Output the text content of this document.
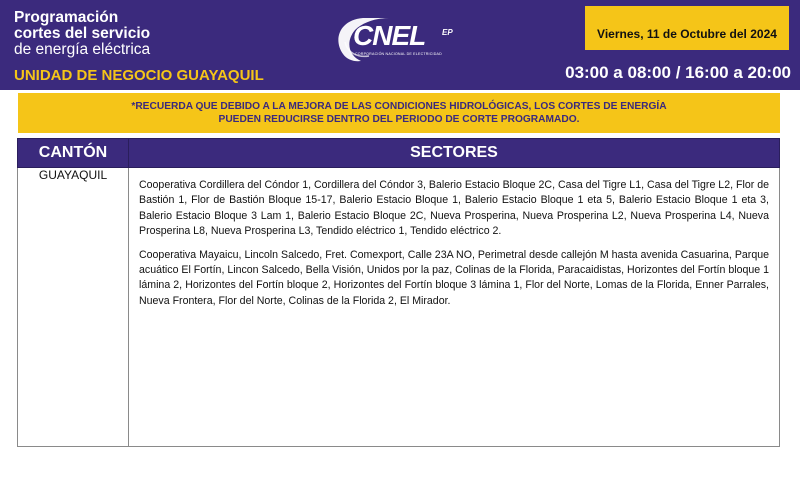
Programación
cortes del servicio
de energía eléctrica
UNIDAD DE NEGOCIO GUAYAQUIL
CNEL EP
CORPORACIÓN NACIONAL DE ELECTRICIDAD
Viernes, 11 de Octubre del 2024
03:00 a 08:00 / 16:00 a 20:00
*RECUERDA QUE DEBIDO A LA MEJORA DE LAS CONDICIONES HIDROLÓGICAS, LOS CORTES DE ENERGÍA
PUEDEN REDUCIRSE DENTRO DEL PERIODO DE CORTE PROGRAMADO.
CANTÓN	SECTORES
GUAYAQUIL	Cooperativa Cordillera del Cóndor 1, Cordillera del Cóndor 3, Balerio Estacio Bloque 2C, Casa del Tigre L1, Casa del Tigre L2, Flor de Bastión 1, Flor de Bastión Bloque 15-17, Balerio Estacio Bloque 1, Balerio Estacio Bloque 1 eta 5, Balerio Estacio Bloque 1 eta 3, Balerio Estacio Bloque 3 Lam 1, Balerio Estacio Bloque 2C, Nueva Prosperina, Nueva Prosperina L2, Nueva Prosperina L4, Nueva Prosperina L8, Nueva Prosperina L3, Tendido eléctrico 1, Tendido eléctrico 2.

Cooperativa Mayaicu, Lincoln Salcedo, Fret. Comexport, Calle 23A NO, Perimetral desde callejón M hasta avenida Casuarina, Parque acuático El Fortín, Lincon Salcedo, Bella Visión, Unidos por la paz, Colinas de la Florida, Paracaidistas, Horizontes del Fortín bloque 1 lámina 2, Horizontes del Fortín bloque 2, Horizontes del Fortín bloque 3 lámina 1, Flor del Norte, Lomas de la Florida, Enner Parrales, Nueva Frontera, Flor del Norte, Colinas de la Florida 2, El Mirador.
